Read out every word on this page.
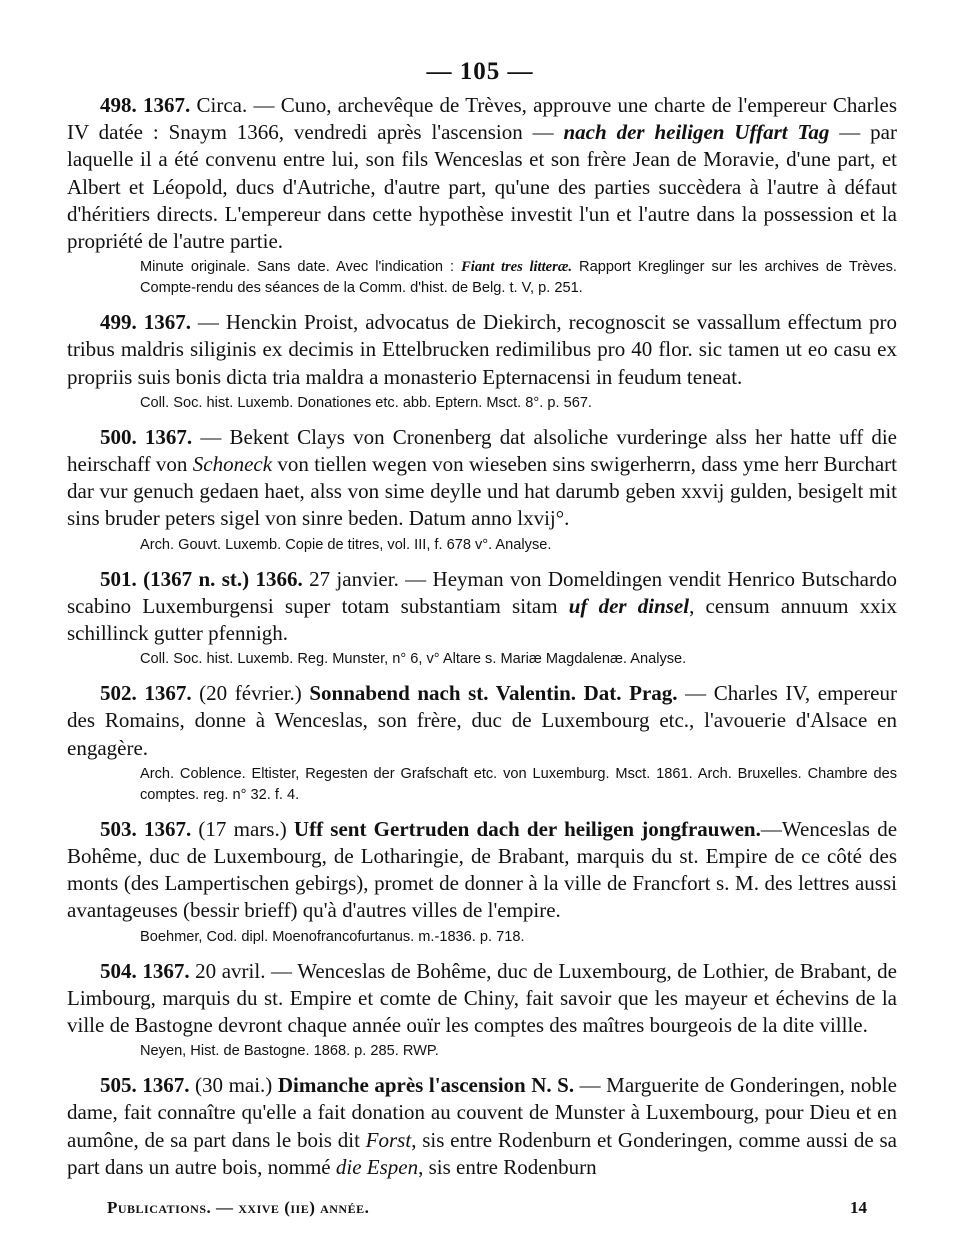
— 105 —

498. 1367. Circa. — Cuno, archevêque de Trèves, approuve une charte de l'empereur Charles IV datée : Snaym 1366, vendredi après l'ascension — nach der heiligen Uffart Tag — par laquelle il a été convenu entre lui, son fils Wenceslas et son frère Jean de Moravie, d'une part, et Albert et Léopold, ducs d'Autriche, d'autre part, qu'une des parties succèdera à l'autre à défaut d'héritiers directs. L'empereur dans cette hypothèse investit l'un et l'autre dans la possession et la propriété de l'autre partie.

Minute originale. Sans date. Avec l'indication : Fiant tres litteræ. Rapport Kreglinger sur les archives de Trèves. Compte-rendu des séances de la Comm. d'hist. de Belg. t. V, p. 251.

499. 1367. — Henckin Proist, advocatus de Diekirch, recognoscit se vassallum effectum pro tribus maldris siliginis ex decimis in Ettelbrucken redimilibus pro 40 flor. sic tamen ut eo casu ex propriis suis bonis dicta tria maldra a monasterio Epternacensi in feudum teneat.

Coll. Soc. hist. Luxemb. Donationes etc. abb. Eptern. Msct. 8°. p. 567.

500. 1367. — Bekent Clays von Cronenberg dat alsoliche vurderinge alss her hatte uff die heirschaff von Schoneck von tiellen wegen von wieseben sins swigerherrn, dass yme herr Burchart dar vur genuch gedaen haet, alss von sime deylle und hat darumb geben xxvij gulden, besigelt mit sins bruder peters sigel von sinre beden. Datum anno lxvij°.

Arch. Gouvt. Luxemb. Copie de titres, vol. III, f. 678 v°. Analyse.

501. (1367 n. st.) 1366. 27 janvier. — Heyman von Domeldingen vendit Henrico Butschardo scabino Luxemburgensi super totam substantiam sitam uf der dinsel, censum annuum xxix schillinck gutter pfennigh.

Coll. Soc. hist. Luxemb. Reg. Munster, n° 6, v° Altare s. Mariæ Magdalenæ. Analyse.

502. 1367. (20 février.) Sonnabend nach st. Valentin. Dat. Prag. — Charles IV, empereur des Romains, donne à Wenceslas, son frère, duc de Luxembourg etc., l'avouerie d'Alsace en engagère.

Arch. Coblence. Eltister, Regesten der Grafschaft etc. von Luxemburg. Msct. 1861. Arch. Bruxelles. Chambre des comptes. reg. n° 32. f. 4.

503. 1367. (17 mars.) Uff sent Gertruden dach der heiligen jongfrauwen.—Wenceslas de Bohême, duc de Luxembourg, de Lotharingie, de Brabant, marquis du st. Empire de ce côté des monts (des Lampertischen gebirgs), promet de donner à la ville de Francfort s. M. des lettres aussi avantageuses (bessir brieff) qu'à d'autres villes de l'empire.

Boehmer, Cod. dipl. Moenofrancofurtanus. m.-1836. p. 718.

504. 1367. 20 avril. — Wenceslas de Bohême, duc de Luxembourg, de Lothier, de Brabant, de Limbourg, marquis du st. Empire et comte de Chiny, fait savoir que les mayeur et échevins de la ville de Bastogne devront chaque année ouïr les comptes des maîtres bourgeois de la dite villle.

Neyen, Hist. de Bastogne. 1868. p. 285. RWP.

505. 1367. (30 mai.) Dimanche après l'ascension N. S. — Marguerite de Gonderingen, noble dame, fait connaître qu'elle a fait donation au couvent de Munster à Luxembourg, pour Dieu et en aumône, de sa part dans le bois dit Forst, sis entre Rodenburn et Gonderingen, comme aussi de sa part dans un autre bois, nommé die Espen, sis entre Rodenburn

Publications. — xxive (iie) année.	14
